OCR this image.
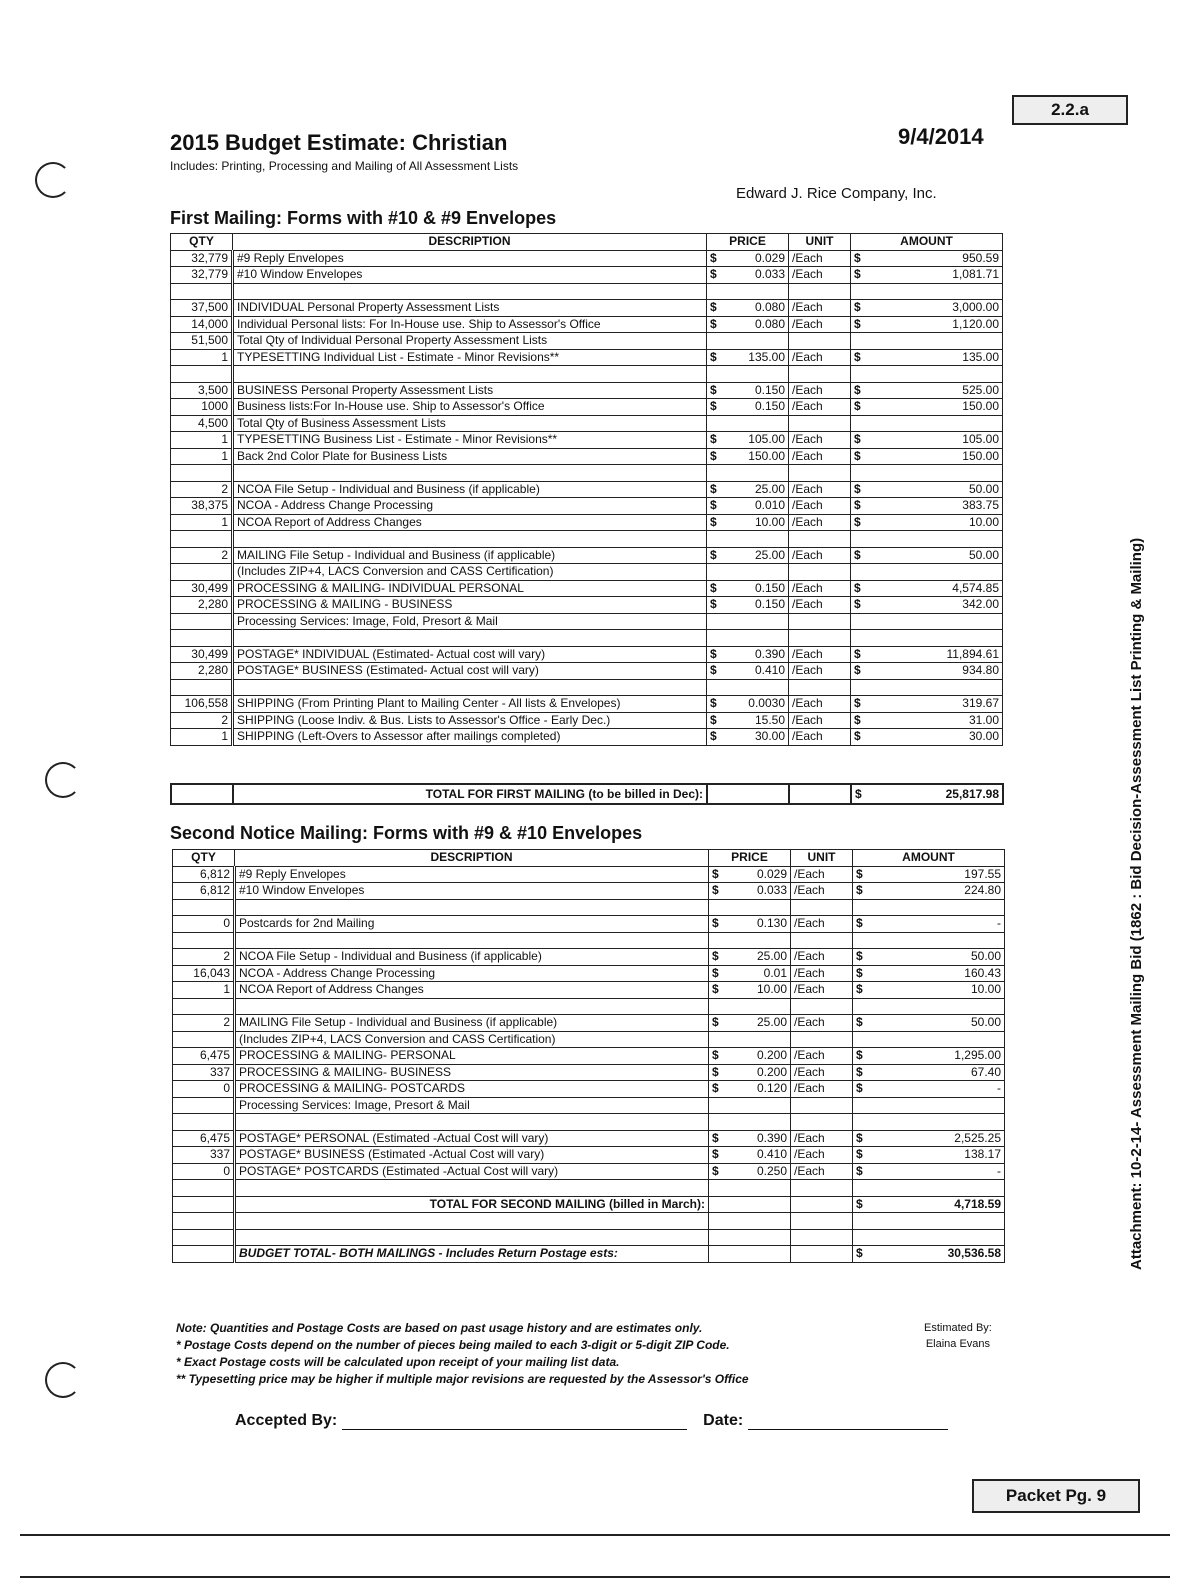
2015 Budget Estimate: Christian
Includes: Printing, Processing and Mailing of All Assessment Lists
9/4/2014
Edward J. Rice Company, Inc.
2.2.a
First Mailing: Forms with #10 & #9 Envelopes
QTY	DESCRIPTION	PRICE	UNIT	AMOUNT
32,779	#9 Reply Envelopes	$ 0.029	/Each	$ 950.59
32,779	#10 Window Envelopes	$ 0.033	/Each	$ 1,081.71

37,500	INDIVIDUAL Personal Property Assessment Lists	$ 0.080	/Each	$ 3,000.00
14,000	Individual Personal lists: For In-House use. Ship to Assessor's Office	$ 0.080	/Each	$ 1,120.00
51,500	Total Qty of Individual Personal Property Assessment Lists	

1	TYPESETTING Individual List - Estimate - Minor Revisions**	$ 135.00	/Each	$ 135.00

3,500	BUSINESS Personal Property Assessment Lists	$ 0.150	/Each	$ 525.00
1000	Business lists:For In-House use. Ship to Assessor's Office	$ 0.150	/Each	$ 150.00
4,500	Total Qty of Business Assessment Lists	

1	TYPESETTING Business List - Estimate - Minor Revisions**	$ 105.00	/Each	$ 105.00
1	Back 2nd Color Plate for Business Lists	$ 150.00	/Each	$ 150.00

2	NCOA File Setup - Individual and Business (if applicable)	$ 25.00	/Each	$ 50.00
38,375	NCOA - Address Change Processing	$ 0.010	/Each	$ 383.75
1	NCOA Report of Address Changes	$ 10.00	/Each	$ 10.00

2	MAILING File Setup - Individual and Business (if applicable)	$ 25.00	/Each	$ 50.00
	(Includes ZIP+4, LACS Conversion and CASS Certification)	

30,499	PROCESSING & MAILING- INDIVIDUAL PERSONAL	$ 0.150	/Each	$ 4,574.85
2,280	PROCESSING & MAILING - BUSINESS	$ 0.150	/Each	$ 342.00
	Processing Services: Image, Fold, Presort & Mail	

30,499	POSTAGE* INDIVIDUAL (Estimated- Actual cost will vary)	$ 0.390	/Each	$ 11,894.61
2,280	POSTAGE* BUSINESS (Estimated- Actual cost will vary)	$ 0.410	/Each	$ 934.80

106,558	SHIPPING (From Printing Plant to Mailing Center - All lists & Envelopes)	$ 0.0030	/Each	$ 319.67
2	SHIPPING (Loose Indiv. & Bus. Lists to Assessor's Office - Early Dec.)	$ 15.50	/Each	$ 31.00
1	SHIPPING (Left-Overs to Assessor after mailings completed)	$ 30.00	/Each	$ 30.00
	TOTAL FOR FIRST MAILING (to be billed in Dec):			$	25,817.98
Second Notice Mailing: Forms with #9 & #10 Envelopes
QTY	DESCRIPTION	PRICE	UNIT	AMOUNT
6,812	#9 Reply Envelopes	$ 0.029	/Each	$ 197.55
6,812	#10 Window Envelopes	$ 0.033	/Each	$ 224.80

0	Postcards for 2nd Mailing	$ 0.130	/Each	$ -

2	NCOA File Setup - Individual and Business (if applicable)	$ 25.00	/Each	$ 50.00
16,043	NCOA - Address Change Processing	$ 0.01	/Each	$ 160.43
1	NCOA Report of Address Changes	$ 10.00	/Each	$ 10.00

2	MAILING File Setup - Individual and Business (if applicable)	$ 25.00	/Each	$ 50.00
	(Includes ZIP+4, LACS Conversion and CASS Certification)	

6,475	PROCESSING & MAILING- PERSONAL	$ 0.200	/Each	$ 1,295.00
337	PROCESSING & MAILING- BUSINESS	$ 0.200	/Each	$ 67.40
0	PROCESSING & MAILING- POSTCARDS	$ 0.120	/Each	$ -
	Processing Services: Image, Presort & Mail	

6,475	POSTAGE* PERSONAL (Estimated -Actual Cost will vary)	$ 0.390	/Each	$ 2,525.25
337	POSTAGE* BUSINESS (Estimated -Actual Cost will vary)	$ 0.410	/Each	$ 138.17
0	POSTAGE* POSTCARDS (Estimated -Actual Cost will vary)	$ 0.250	/Each	$ -

	TOTAL FOR SECOND MAILING (billed in March):			$ 4,718.59

	BUDGET TOTAL- BOTH MAILINGS - Includes Return Postage ests:			$ 30,536.58
Note: Quantities and Postage Costs are based on past usage history and are estimates only.
* Postage Costs depend on the number of pieces being mailed to each 3-digit or 5-digit ZIP Code.
* Exact Postage costs will be calculated upon receipt of your mailing list data.
** Typesetting price may be higher if multiple major revisions are requested by the Assessor's Office
Estimated By:
Elaina Evans
Accepted By:	Date:
Attachment: 10-2-14- Assessment Mailing Bid (1862 : Bid Decision-Assessment List Printing & Mailing)
Packet Pg. 9
